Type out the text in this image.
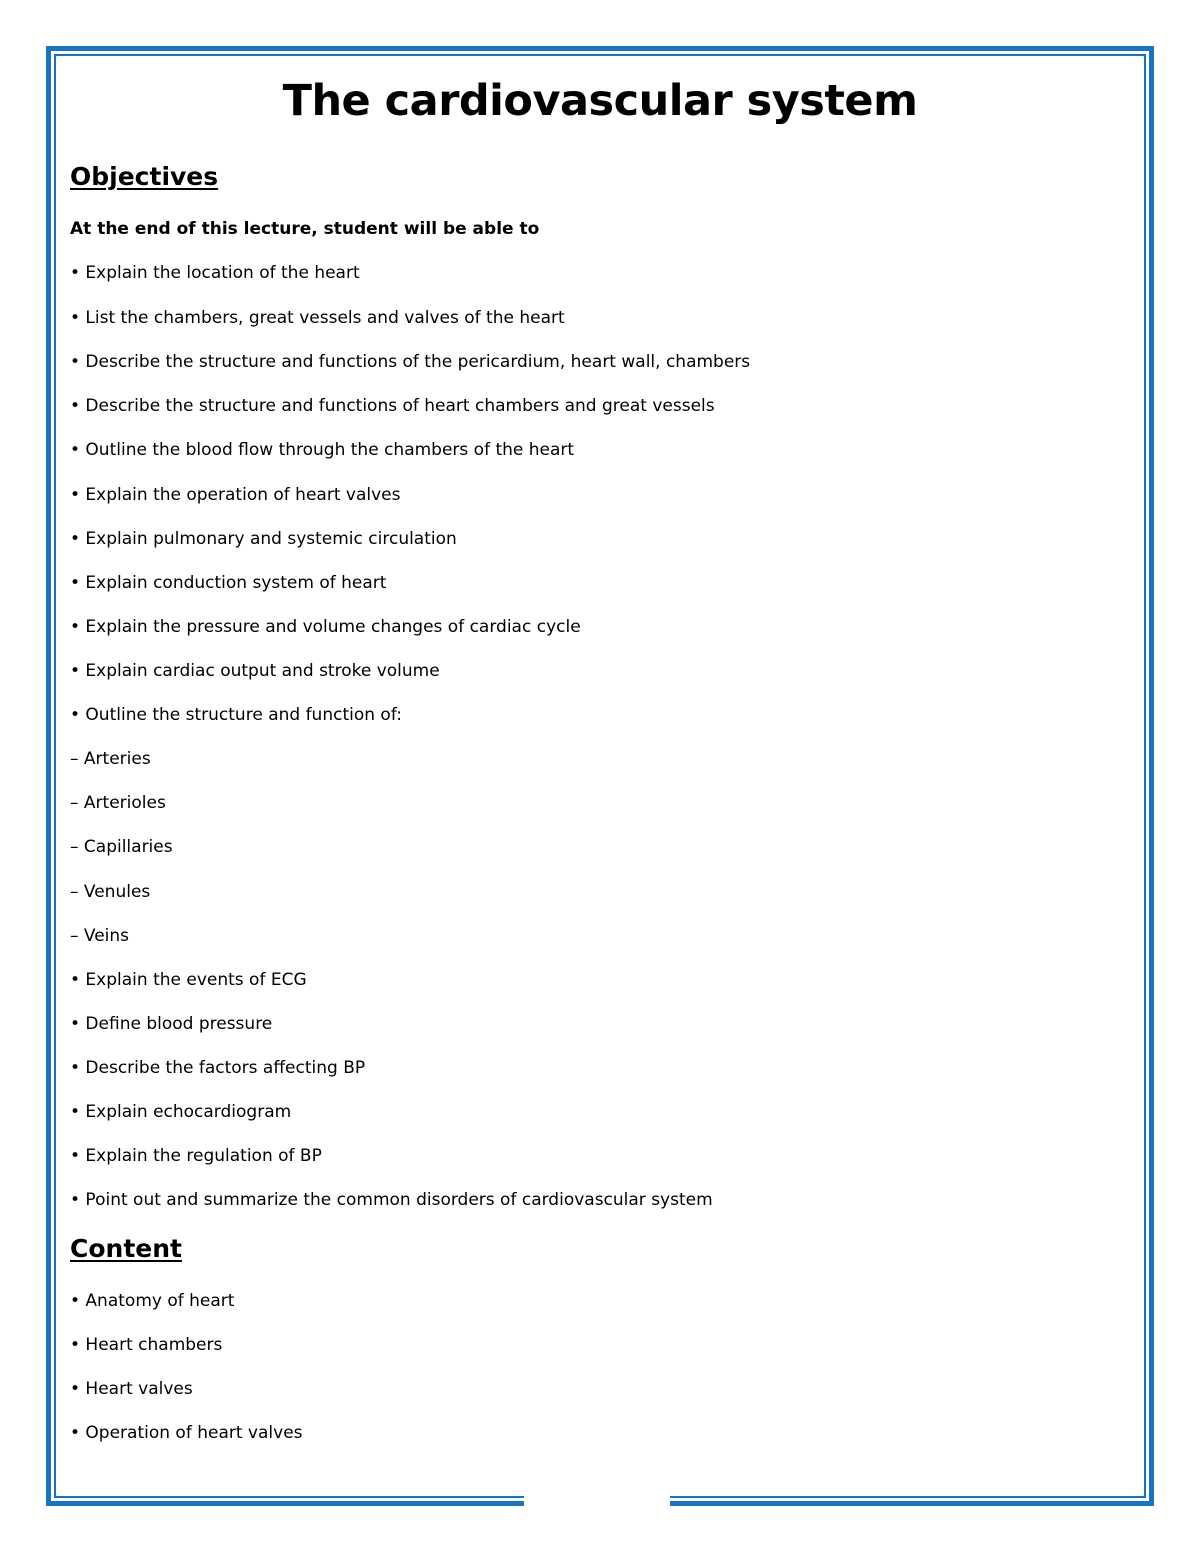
The cardiovascular system
Objectives

At the end of this lecture, student will be able to

• Explain the location of the heart

• List the chambers, great vessels and valves of the heart

• Describe the structure and functions of the pericardium, heart wall, chambers

• Describe the structure and functions of heart chambers and great vessels

• Outline the blood flow through the chambers of the heart

• Explain the operation of heart valves

• Explain pulmonary and systemic circulation

• Explain conduction system of heart

• Explain the pressure and volume changes of cardiac cycle

• Explain cardiac output and stroke volume

• Outline the structure and function of:

– Arteries

– Arterioles

– Capillaries

– Venules

– Veins

• Explain the events of ECG

• Define blood pressure

• Describe the factors affecting BP

• Explain echocardiogram

• Explain the regulation of BP

• Point out and summarize the common disorders of cardiovascular system

Content

• Anatomy of heart

• Heart chambers

• Heart valves

• Operation of heart valves
